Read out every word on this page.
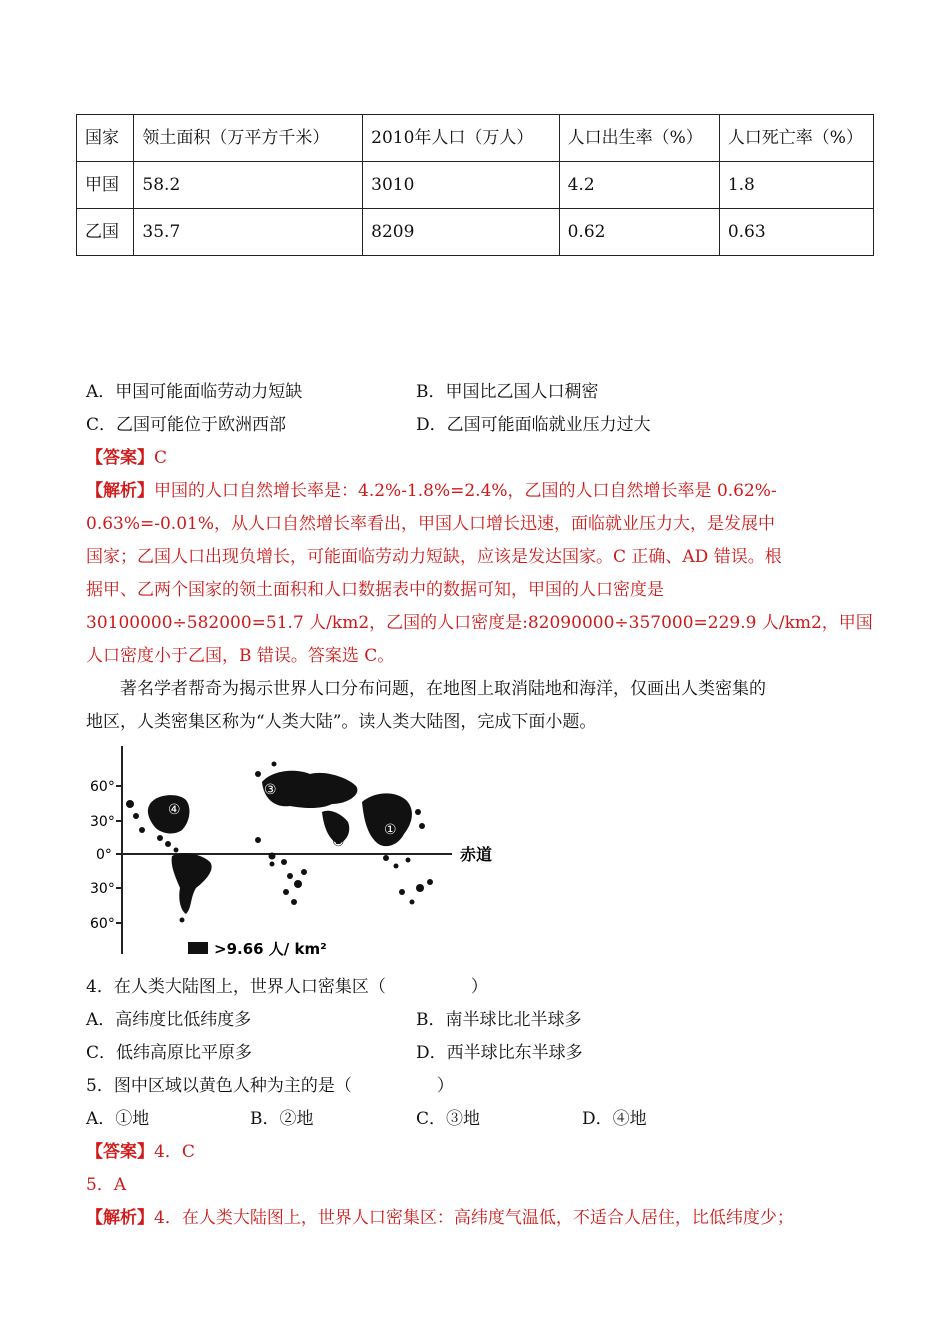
国家	领土面积（万平方千米）	2010年人口（万人）	人口出生率（%）	人口死亡率（%）
甲国	58.2	3010	4.2	1.8
乙国	35.7	8209	0.62	0.63
A．甲国可能面临劳动力短缺	B．甲国比乙国人口稠密
C．乙国可能位于欧洲西部	D．乙国可能面临就业压力过大
【答案】C
【解析】甲国的人口自然增长率是：4.2%-1.8%=2.4%，乙国的人口自然增长率是 0.62%-
0.63%=-0.01%，从人口自然增长率看出，甲国人口增长迅速，面临就业压力大，是发展中
国家；乙国人口出现负增长，可能面临劳动力短缺，应该是发达国家。C 正确、AD 错误。根
据甲、乙两个国家的领土面积和人口数据表中的数据可知，甲国的人口密度是
30100000÷582000=51.7 人/km2，乙国的人口密度是:82090000÷357000=229.9 人/km2，甲国
人口密度小于乙国，B 错误。答案选 C。
著名学者帮奇为揭示世界人口分布问题，在地图上取消陆地和海洋，仅画出人类密集的
地区，人类密集区称为“人类大陆”。读人类大陆图，完成下面小题。
60°
30°
0°
30°
60°
赤道
④
③
②
①
>9.66 人/ km²
4．在人类大陆图上，世界人口密集区（　　　　　）
A．高纬度比低纬度多	B．南半球比北半球多
C．低纬高原比平原多	D．西半球比东半球多
5．图中区域以黄色人种为主的是（　　　　　）
A．①地	B．②地	C．③地	D．④地
【答案】4．C
5．A
【解析】4．在人类大陆图上，世界人口密集区：高纬度气温低，不适合人居住，比低纬度少；
